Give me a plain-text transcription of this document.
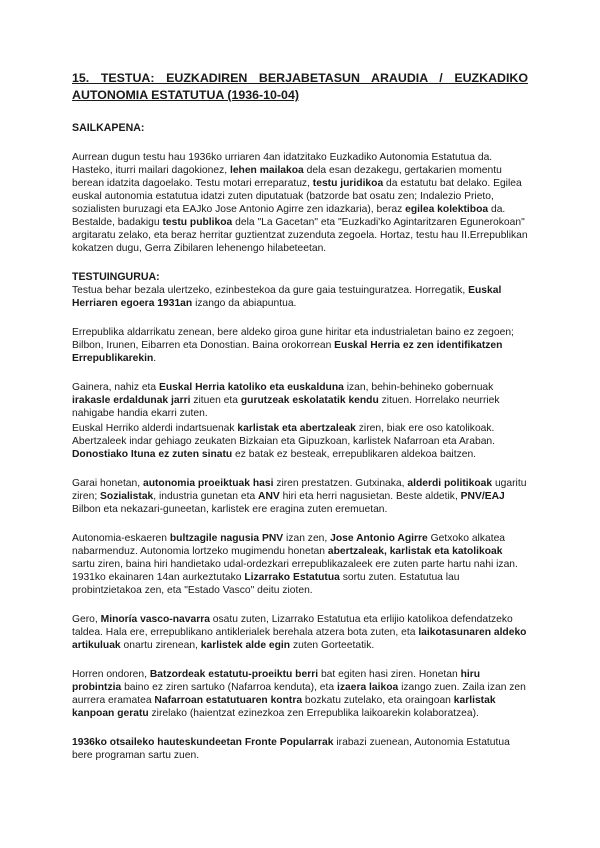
15. TESTUA: EUZKADIREN BERJABETASUN ARAUDIA / EUZKADIKO AUTONOMIA ESTATUTUA (1936-10-04)
SAILKAPENA:

Aurrean dugun testu hau 1936ko urriaren 4an idatzitako Euzkadiko Autonomia Estatutua da. Hasteko, iturri mailari dagokionez, lehen mailakoa dela esan dezakegu, gertakarien momentu berean idatzita dagoelako. Testu motari erreparatuz, testu juridikoa da estatutu bat delako. Egilea euskal autonomia estatutua idatzi zuten diputatuak (batzorde bat osatu zen; Indalezio Prieto, sozialisten buruzagi eta EAJko Jose Antonio Agirre zen idazkaria), beraz egilea kolektiboa da. Bestalde, badakigu testu publikoa dela "La Gacetan" eta "Euzkadi'ko Agintaritzaren Egunerokoan" argitaratu zelako, eta beraz herritar guztientzat zuzenduta zegoela. Hortaz, testu hau II.Errepublikan kokatzen dugu, Gerra Zibilaren lehenengo hilabeteetan.

TESTUINGURUA:

Testua behar bezala ulertzeko, ezinbestekoa da gure gaia testuinguratzea. Horregatik, Euskal Herriaren egoera 1931an izango da abiapuntua.

Errepublika aldarrikatu zenean, bere aldeko giroa gune hiritar eta industrialetan baino ez zegoen; Bilbon, Irunen, Eibarren eta Donostian. Baina orokorrean Euskal Herria ez zen identifikatzen Errepublikarekin.

Gainera, nahiz eta Euskal Herria katoliko eta euskalduna izan, behin-behineko gobernuak irakasle erdaldunak jarri zituen eta gurutzeak eskolatatik kendu zituen. Horrelako neurriek nahigabe handia ekarri zuten.

Euskal Herriko alderdi indartsuenak karlistak eta abertzaleak ziren, biak ere oso katolikoak. Abertzaleek indar gehiago zeukaten Bizkaian eta Gipuzkoan, karlistek Nafarroan eta Araban. Donostiako Ituna ez zuten sinatu ez batak ez besteak, errepublikaren aldekoa baitzen.

Garai honetan, autonomia proeiktuak hasi ziren prestatzen. Gutxinaka, alderdi politikoak ugaritu ziren; Sozialistak, industria gunetan eta ANV hiri eta herri nagusietan. Beste aldetik, PNV/EAJ Bilbon eta nekazari-guneetan, karlistek ere eragina zuten eremuetan.

Autonomia-eskaeren bultzagile nagusia PNV izan zen, Jose Antonio Agirre Getxoko alkatea nabarmenduz. Autonomia lortzeko mugimendu honetan abertzaleak, karlistak eta katolikoak sartu ziren, baina hiri handietako udal-ordezkari errepublikazaleek ere zuten parte hartu nahi izan. 1931ko ekainaren 14an aurkeztutako Lizarrako Estatutua sortu zuten. Estatutua lau probintzietakoa zen, eta "Estado Vasco" deitu zioten.

Gero, Minoría vasco-navarra osatu zuten, Lizarrako Estatutua eta erlijio katolikoa defendatzeko taldea. Hala ere, errepublikano antiklerialek berehala atzera bota zuten, eta laikotasunaren aldeko artikuluak onartu zirenean, karlistek alde egin zuten Gorteetatik.

Horren ondoren, Batzordeak estatutu-proeiktu berri bat egiten hasi ziren. Honetan hiru probintzia baino ez ziren sartuko (Nafarroa kenduta), eta izaera laikoa izango zuen. Zaila izan zen aurrera eramatea Nafarroan estatutuaren kontra bozkatu zutelako, eta oraingoan karlistak kanpoan geratu zirelako (haientzat ezinezkoa zen Errepublika laikoarekin kolaboratzea).

1936ko otsaileko hauteskundeetan Fronte Popularrak irabazi zuenean, Autonomia Estatutua bere programan sartu zuen.
